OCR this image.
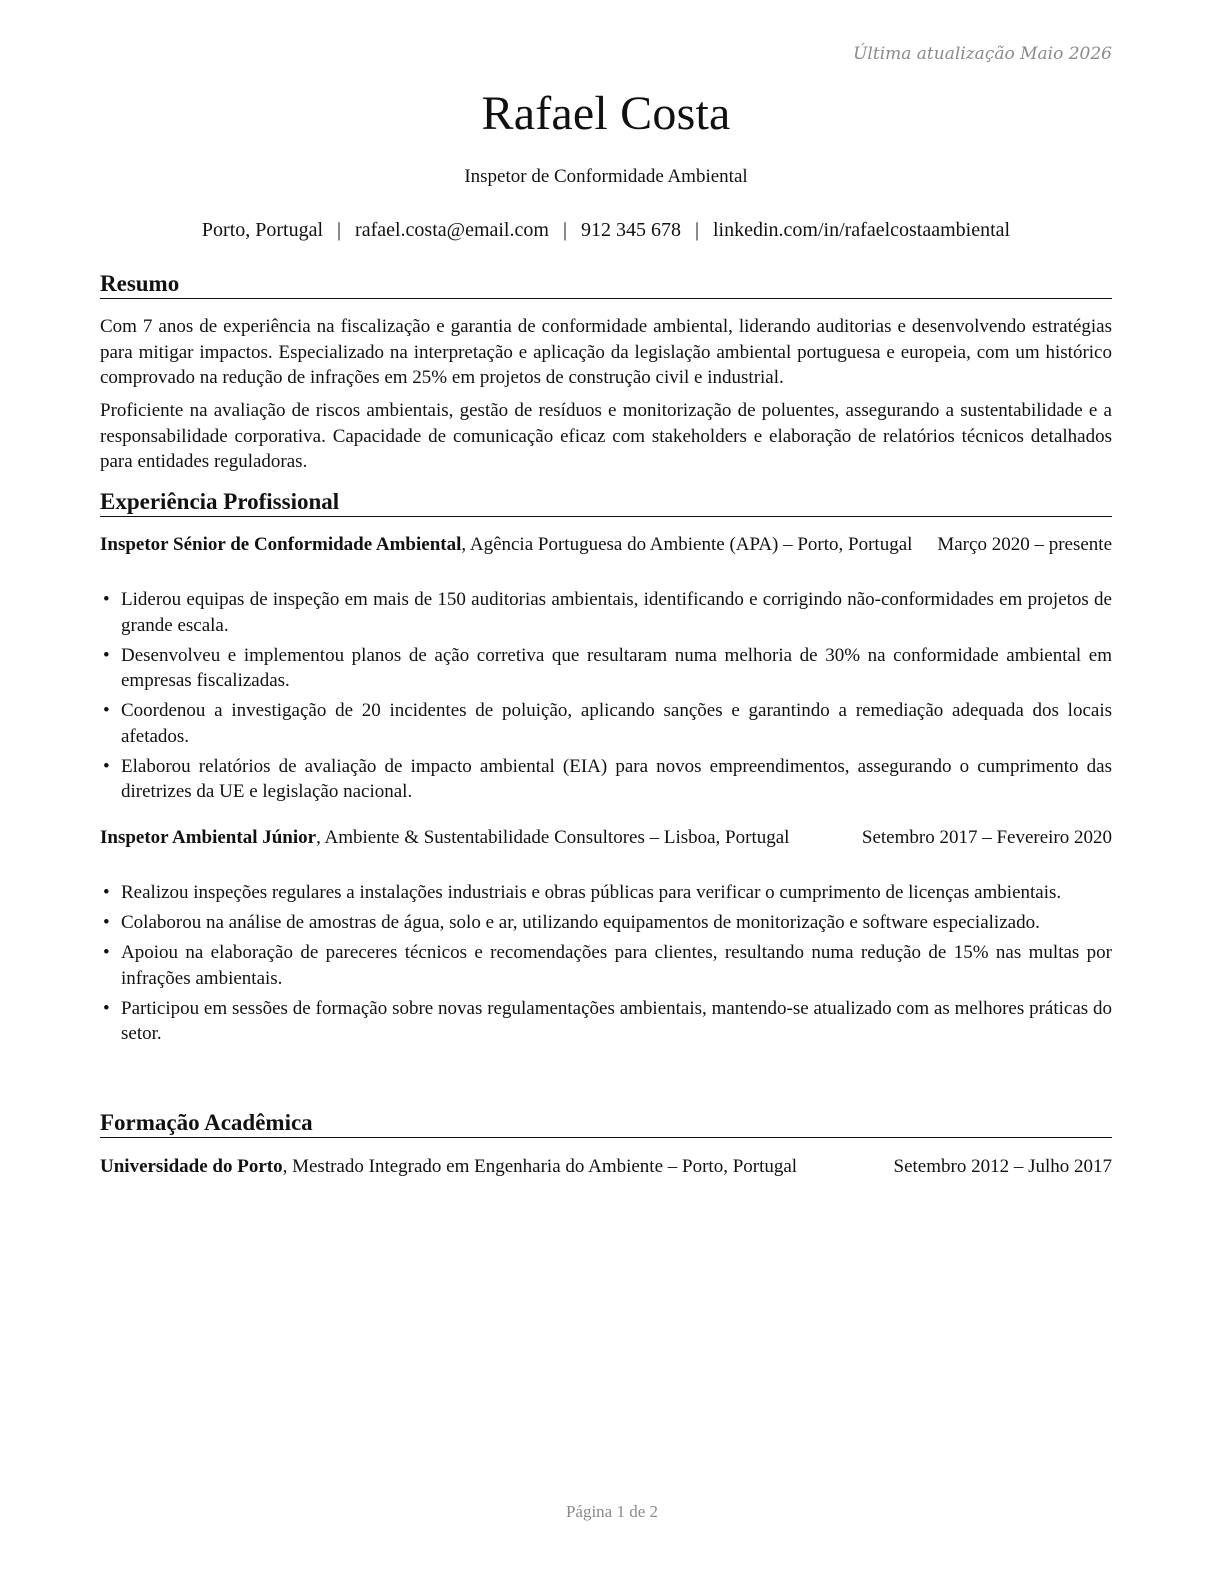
Última atualização Maio 2026
Rafael Costa
Inspetor de Conformidade Ambiental
Porto, Portugal | rafael.costa@email.com | 912 345 678 | linkedin.com/in/rafaelcostaambiental
Resumo
Com 7 anos de experiência na fiscalização e garantia de conformidade ambiental, liderando auditorias e desenvolvendo estratégias para mitigar impactos. Especializado na interpretação e aplicação da legislação ambiental portuguesa e europeia, com um histórico comprovado na redução de infrações em 25% em projetos de construção civil e industrial.
Proficiente na avaliação de riscos ambientais, gestão de resíduos e monitorização de poluentes, assegurando a sustentabilidade e a responsabilidade corporativa. Capacidade de comunicação eficaz com stakeholders e elaboração de relatórios técnicos detalhados para entidades reguladoras.
Experiência Profissional
Março 2020 – presente
Inspetor Sénior de Conformidade Ambiental, Agência Portuguesa do Ambiente (APA) – Porto, Portugal
• Liderou equipas de inspeção em mais de 150 auditorias ambientais, identificando e corrigindo não-conformidades em projetos de grande escala.
• Desenvolveu e implementou planos de ação corretiva que resultaram numa melhoria de 30% na conformidade ambiental em empresas fiscalizadas.
• Coordenou a investigação de 20 incidentes de poluição, aplicando sanções e garantindo a remediação adequada dos locais afetados.
• Elaborou relatórios de avaliação de impacto ambiental (EIA) para novos empreendimentos, assegurando o cumprimento das diretrizes da UE e legislação nacional.
Setembro 2017 – Fevereiro 2020
Inspetor Ambiental Júnior, Ambiente & Sustentabilidade Consultores – Lisboa, Portugal
• Realizou inspeções regulares a instalações industriais e obras públicas para verificar o cumprimento de licenças ambientais.
• Colaborou na análise de amostras de água, solo e ar, utilizando equipamentos de monitorização e software especializado.
• Apoiou na elaboração de pareceres técnicos e recomendações para clientes, resultando numa redução de 15% nas multas por infrações ambientais.
• Participou em sessões de formação sobre novas regulamentações ambientais, mantendo-se atualizado com as melhores práticas do setor.
Formação Acadêmica
Setembro 2012 – Julho 2017
Universidade do Porto, Mestrado Integrado em Engenharia do Ambiente – Porto, Portugal
Página 1 de 2
